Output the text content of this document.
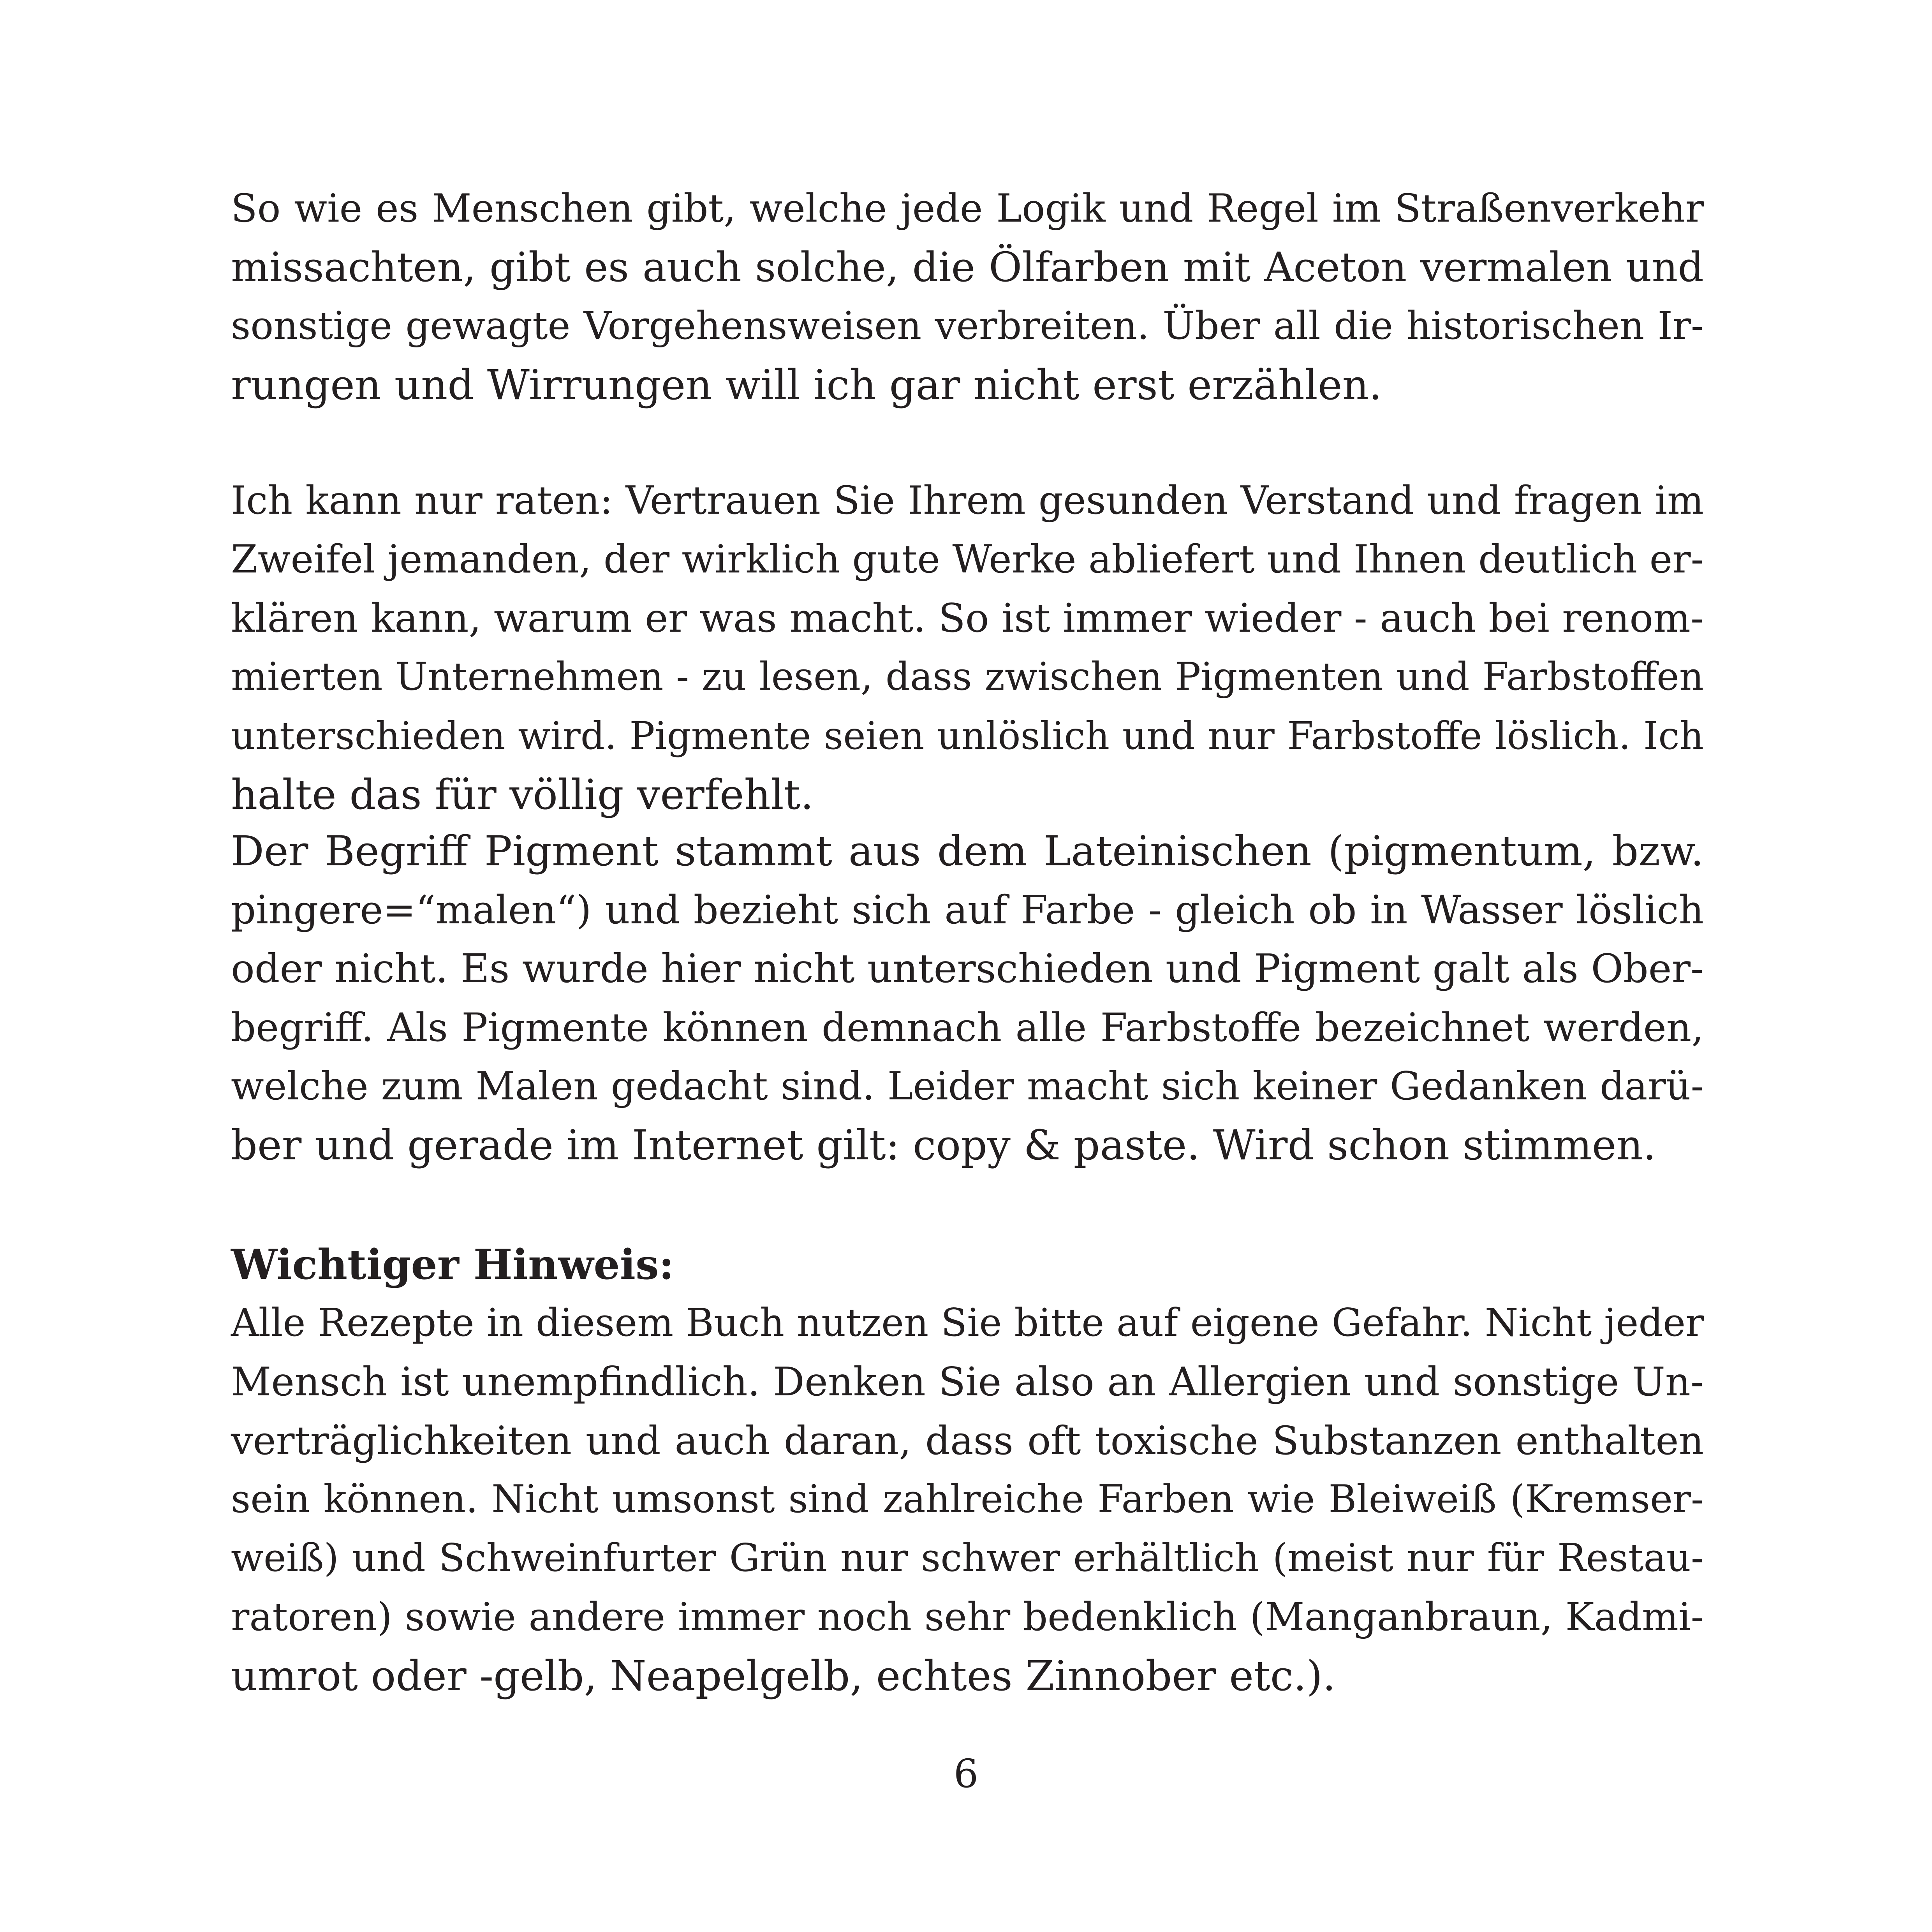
So wie es Menschen gibt, welche jede Logik und Regel im Straßenverkehr
missachten, gibt es auch solche, die Ölfarben mit Aceton vermalen und
sonstige gewagte Vorgehensweisen verbreiten. Über all die historischen Ir-
rungen und Wirrungen will ich gar nicht erst erzählen.
Ich kann nur raten: Vertrauen Sie Ihrem gesunden Verstand und fragen im
Zweifel jemanden, der wirklich gute Werke abliefert und Ihnen deutlich er-
klären kann, warum er was macht. So ist immer wieder - auch bei renom-
mierten Unternehmen - zu lesen, dass zwischen Pigmenten und Farbstoffen
unterschieden wird. Pigmente seien unlöslich und nur Farbstoffe löslich. Ich
halte das für völlig verfehlt.
Der Begriff Pigment stammt aus dem Lateinischen (pigmentum, bzw.
pingere=“malen“) und bezieht sich auf Farbe - gleich ob in Wasser löslich
oder nicht. Es wurde hier nicht unterschieden und Pigment galt als Ober-
begriff. Als Pigmente können demnach alle Farbstoffe bezeichnet werden,
welche zum Malen gedacht sind. Leider macht sich keiner Gedanken darü-
ber und gerade im Internet gilt: copy & paste. Wird schon stimmen.
Wichtiger Hinweis:
Alle Rezepte in diesem Buch nutzen Sie bitte auf eigene Gefahr. Nicht jeder
Mensch ist unempfindlich. Denken Sie also an Allergien und sonstige Un-
verträglichkeiten und auch daran, dass oft toxische Substanzen enthalten
sein können. Nicht umsonst sind zahlreiche Farben wie Bleiweiß (Kremser-
weiß) und Schweinfurter Grün nur schwer erhältlich (meist nur für Restau-
ratoren) sowie andere immer noch sehr bedenklich (Manganbraun, Kadmi-
umrot oder -gelb, Neapelgelb, echtes Zinnober etc.).
6
